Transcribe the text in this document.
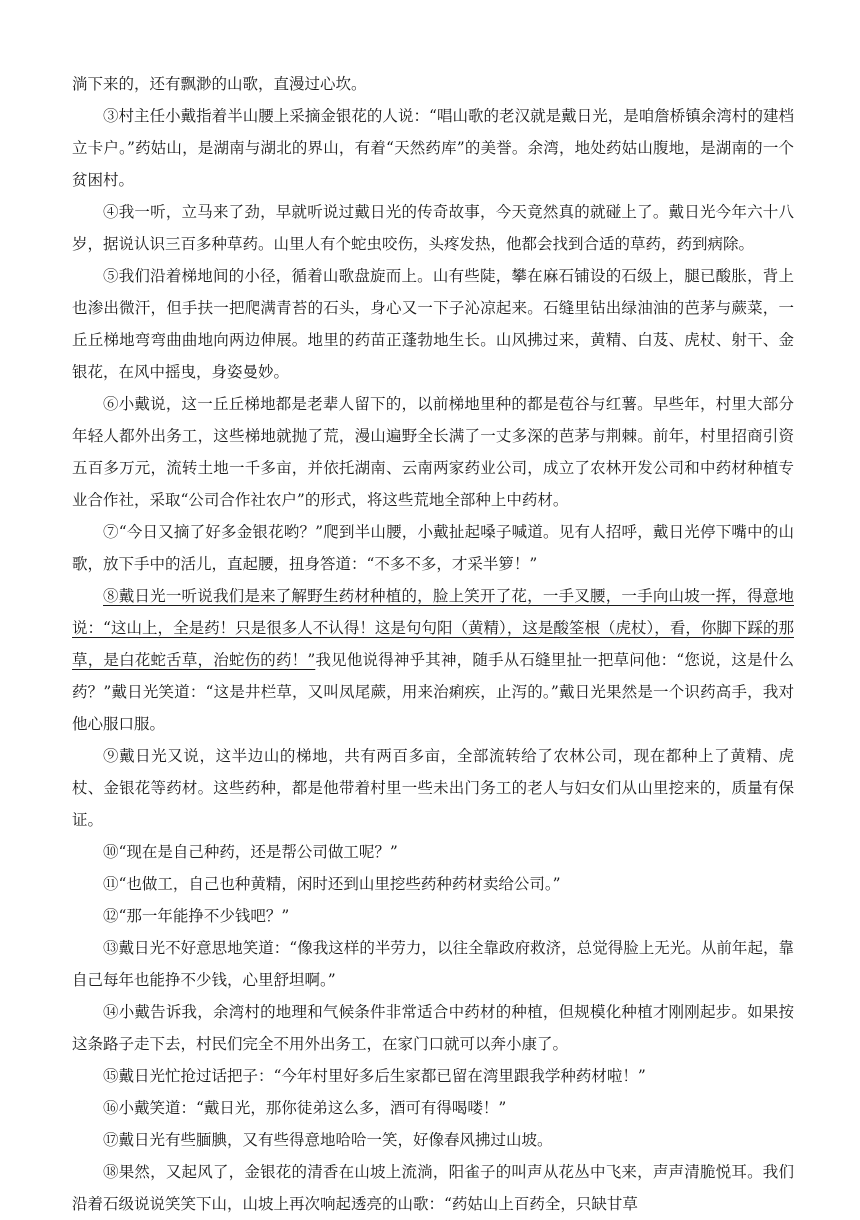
淌下来的，还有飘渺的山歌，直漫过心坎。

③村主任小戴指着半山腰上采摘金银花的人说：“唱山歌的老汉就是戴日光，是咱詹桥镇余湾村的建档立卡户。”药姑山，是湖南与湖北的界山，有着“天然药库”的美誉。余湾，地处药姑山腹地，是湖南的一个贫困村。

④我一听，立马来了劲，早就听说过戴日光的传奇故事，今天竟然真的就碰上了。戴日光今年六十八岁，据说认识三百多种草药。山里人有个蛇虫咬伤，头疼发热，他都会找到合适的草药，药到病除。

⑤我们沿着梯地间的小径，循着山歌盘旋而上。山有些陡，攀在麻石铺设的石级上，腿已酸胀，背上也渗出微汗，但手扶一把爬满青苔的石头，身心又一下子沁凉起来。石缝里钻出绿油油的芭茅与蕨菜，一丘丘梯地弯弯曲曲地向两边伸展。地里的药苗正蓬勃地生长。山风拂过来，黄精、白芨、虎杖、射干、金银花，在风中摇曳，身姿曼妙。

⑥小戴说，这一丘丘梯地都是老辈人留下的，以前梯地里种的都是苞谷与红薯。早些年，村里大部分年轻人都外出务工，这些梯地就抛了荒，漫山遍野全长满了一丈多深的芭茅与荆棘。前年，村里招商引资五百多万元，流转土地一千多亩，并依托湖南、云南两家药业公司，成立了农林开发公司和中药材种植专业合作社，采取“公司合作社农户”的形式，将这些荒地全部种上中药材。

⑦“今日又摘了好多金银花哟？”爬到半山腰，小戴扯起嗓子喊道。见有人招呼，戴日光停下嘴中的山歌，放下手中的活儿，直起腰，扭身答道：“不多不多，才采半箩！”

⑧戴日光一听说我们是来了解野生药材种植的，脸上笑开了花，一手叉腰，一手向山坡一挥，得意地说：“这山上，全是药！只是很多人不认得！这是句句阳（黄精），这是酸筌根（虎杖），看，你脚下踩的那草，是白花蛇舌草，治蛇伤的药！”我见他说得神乎其神，随手从石缝里扯一把草问他：“您说，这是什么药？”戴日光笑道：“这是井栏草，又叫凤尾蕨，用来治痢疾，止泻的。”戴日光果然是一个识药高手，我对他心服口服。

⑨戴日光又说，这半边山的梯地，共有两百多亩，全部流转给了农林公司，现在都种上了黄精、虎杖、金银花等药材。这些药种，都是他带着村里一些未出门务工的老人与妇女们从山里挖来的，质量有保证。

⑩“现在是自己种药，还是帮公司做工呢？”

⑪“也做工，自己也种黄精，闲时还到山里挖些药种药材卖给公司。”

⑫“那一年能挣不少钱吧？”

⑬戴日光不好意思地笑道：“像我这样的半劳力，以往全靠政府救济，总觉得脸上无光。从前年起，靠自己每年也能挣不少钱，心里舒坦啊。”

⑭小戴告诉我，余湾村的地理和气候条件非常适合中药材的种植，但规模化种植才刚刚起步。如果按这条路子走下去，村民们完全不用外出务工，在家门口就可以奔小康了。

⑮戴日光忙抢过话把子：“今年村里好多后生家都已留在湾里跟我学种药材啦！”

⑯小戴笑道：“戴日光，那你徒弟这么多，酒可有得喝喽！”

⑰戴日光有些腼腆，又有些得意地哈哈一笑，好像春风拂过山坡。

⑱果然，又起风了，金银花的清香在山坡上流淌，阳雀子的叫声从花丛中飞来，声声清脆悦耳。我们沿着石级说说笑笑下山，山坡上再次响起透亮的山歌：“药姑山上百药全，只缺甘草
